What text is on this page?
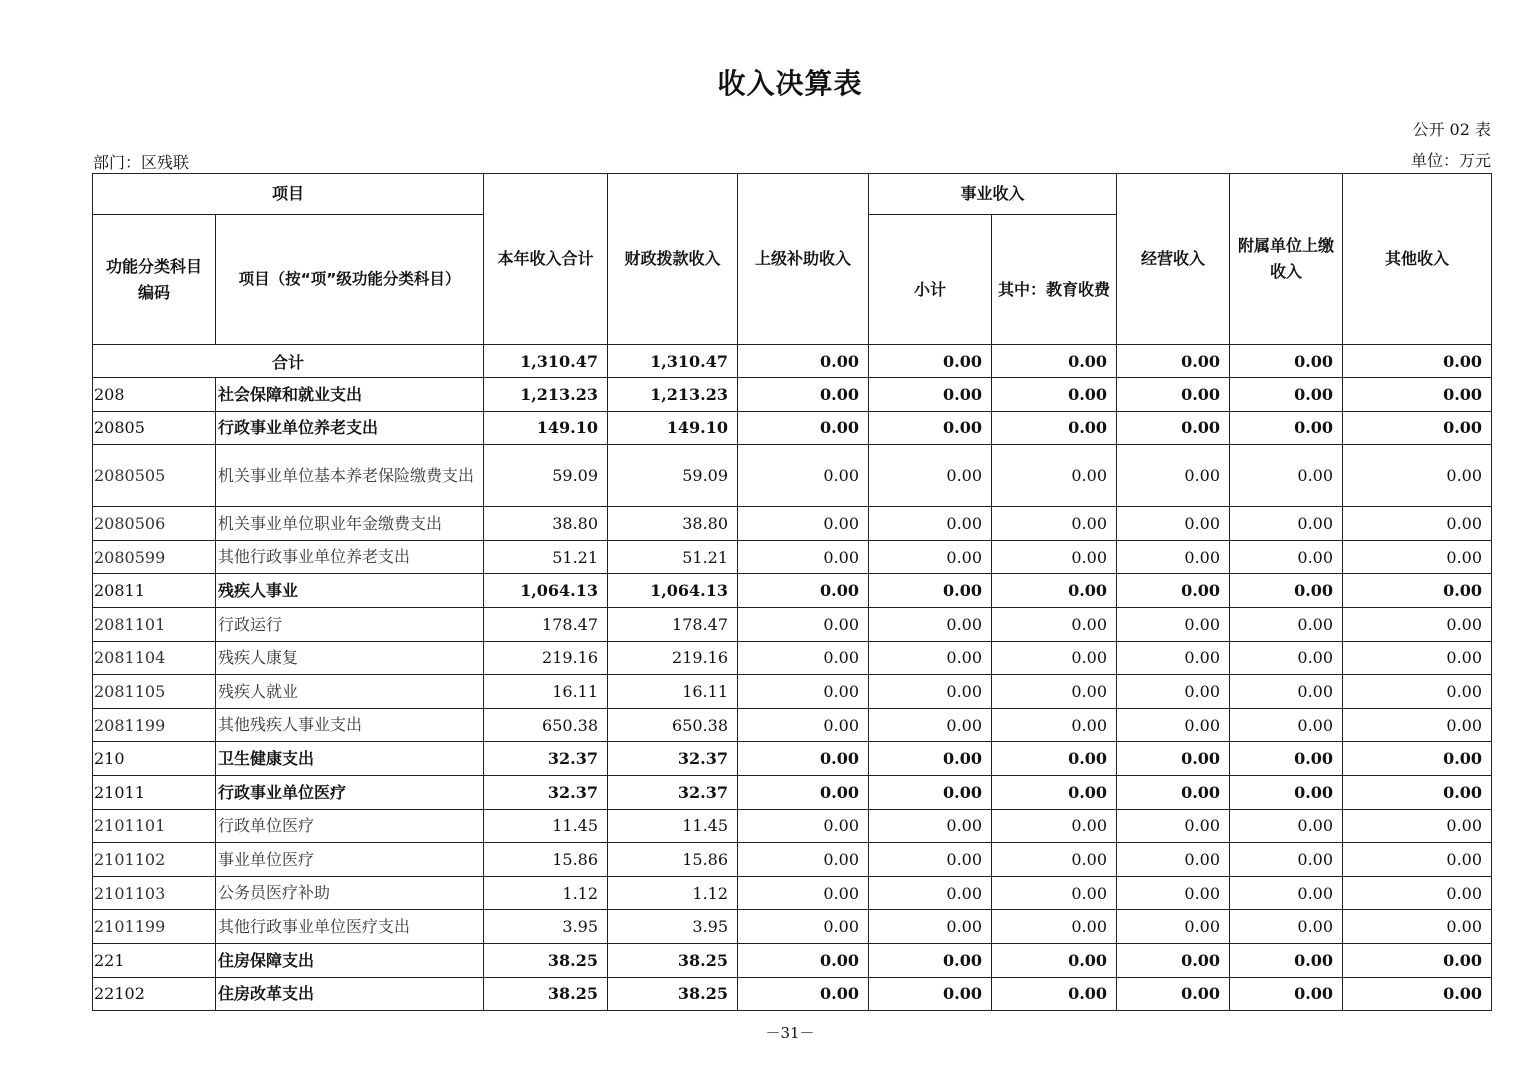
收入决算表
公开 02 表
部门：区残联	单位：万元
项目		本年收入合计	财政拨款收入	上级补助收入	事业收入		经营收入	附属单位上缴收入	其他收入
功能分类科目编码	项目（按“项”级功能分类科目）				小计	其中：教育收费			
合计		1,310.47	1,310.47	0.00	0.00	0.00	0.00	0.00	0.00
208	社会保障和就业支出	1,213.23	1,213.23	0.00	0.00	0.00	0.00	0.00	0.00
20805	行政事业单位养老支出	149.10	149.10	0.00	0.00	0.00	0.00	0.00	0.00
2080505	机关事业单位基本养老保险缴费支出	59.09	59.09	0.00	0.00	0.00	0.00	0.00	0.00
2080506	机关事业单位职业年金缴费支出	38.80	38.80	0.00	0.00	0.00	0.00	0.00	0.00
2080599	其他行政事业单位养老支出	51.21	51.21	0.00	0.00	0.00	0.00	0.00	0.00
20811	残疾人事业	1,064.13	1,064.13	0.00	0.00	0.00	0.00	0.00	0.00
2081101	行政运行	178.47	178.47	0.00	0.00	0.00	0.00	0.00	0.00
2081104	残疾人康复	219.16	219.16	0.00	0.00	0.00	0.00	0.00	0.00
2081105	残疾人就业	16.11	16.11	0.00	0.00	0.00	0.00	0.00	0.00
2081199	其他残疾人事业支出	650.38	650.38	0.00	0.00	0.00	0.00	0.00	0.00
210	卫生健康支出	32.37	32.37	0.00	0.00	0.00	0.00	0.00	0.00
21011	行政事业单位医疗	32.37	32.37	0.00	0.00	0.00	0.00	0.00	0.00
2101101	行政单位医疗	11.45	11.45	0.00	0.00	0.00	0.00	0.00	0.00
2101102	事业单位医疗	15.86	15.86	0.00	0.00	0.00	0.00	0.00	0.00
2101103	公务员医疗补助	1.12	1.12	0.00	0.00	0.00	0.00	0.00	0.00
2101199	其他行政事业单位医疗支出	3.95	3.95	0.00	0.00	0.00	0.00	0.00	0.00
221	住房保障支出	38.25	38.25	0.00	0.00	0.00	0.00	0.00	0.00
22102	住房改革支出	38.25	38.25	0.00	0.00	0.00	0.00	0.00	0.00
－31－
